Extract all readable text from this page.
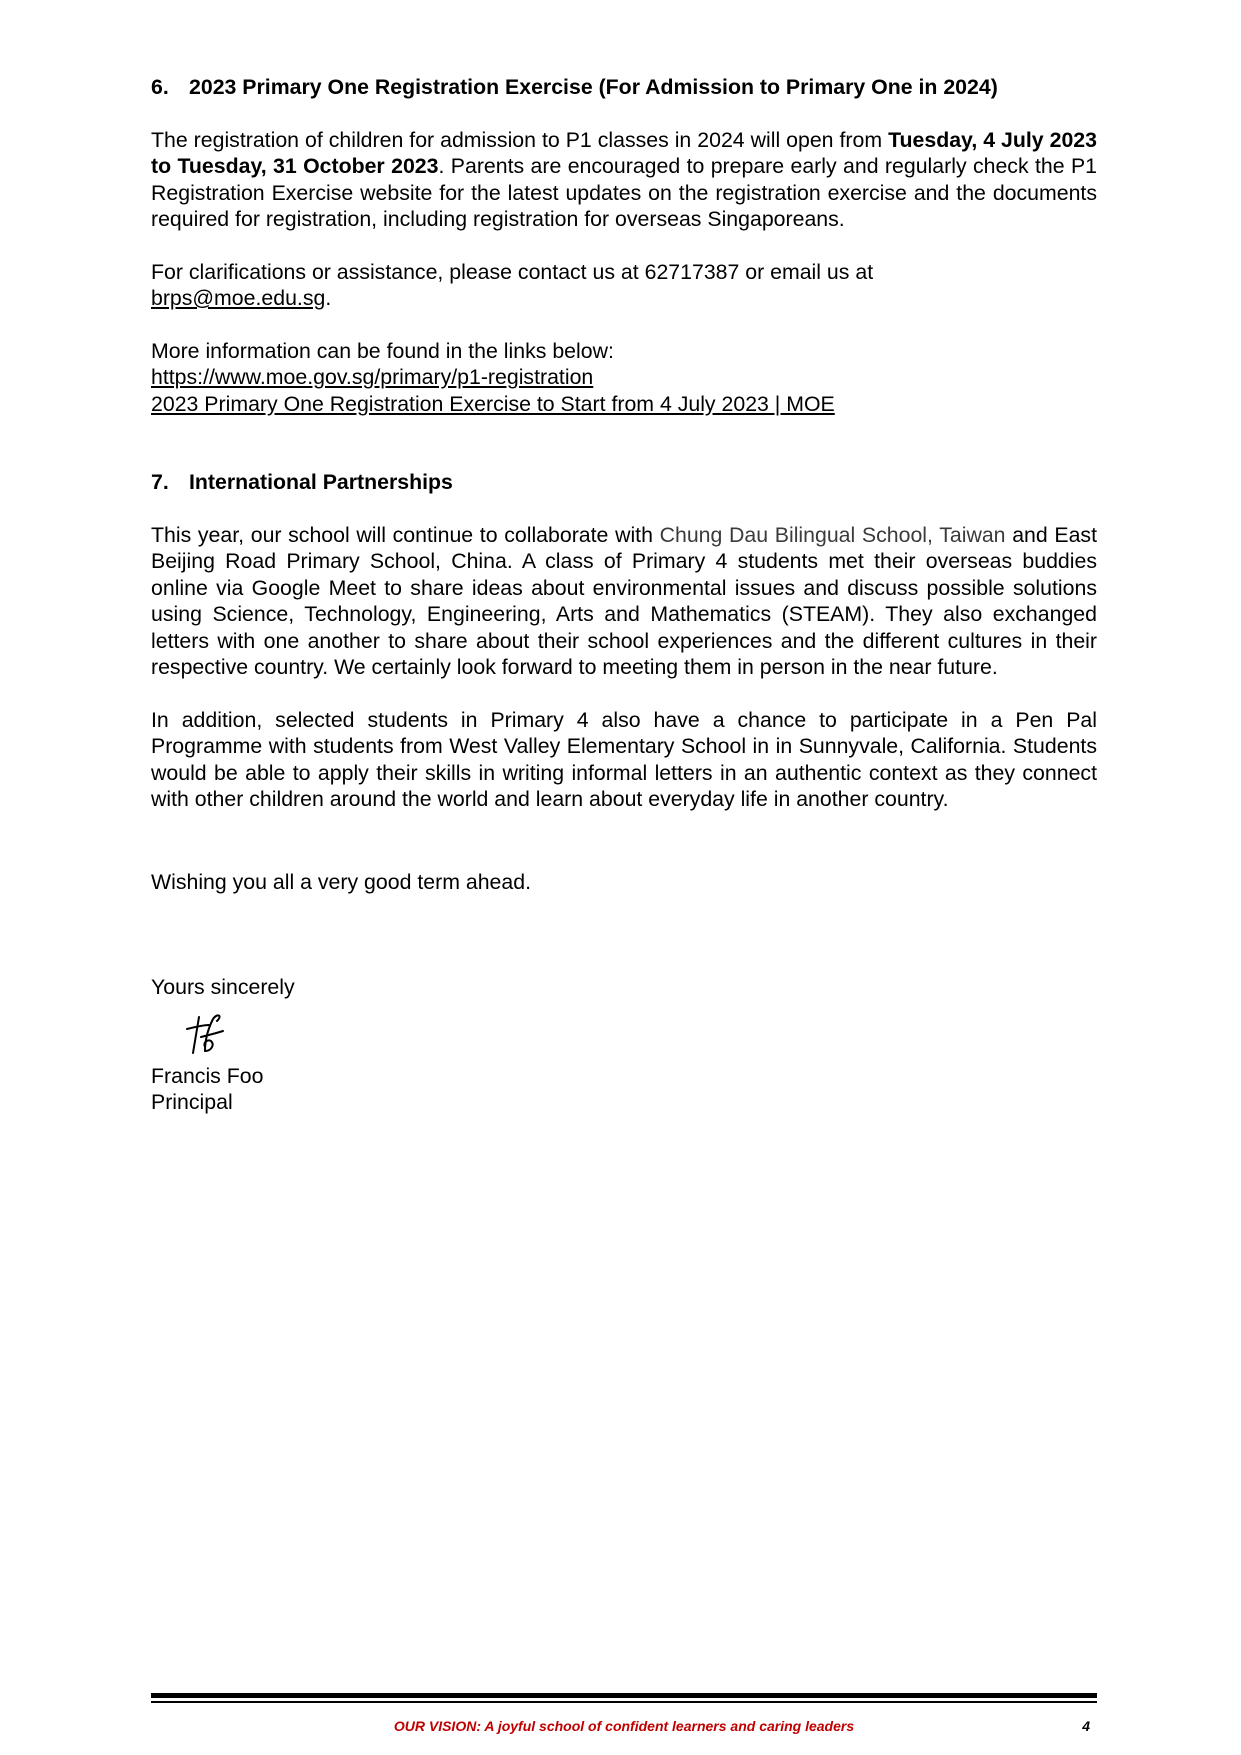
6. 2023 Primary One Registration Exercise (For Admission to Primary One in 2024)

The registration of children for admission to P1 classes in 2024 will open from Tuesday, 4 July 2023 to Tuesday, 31 October 2023. Parents are encouraged to prepare early and regularly check the P1 Registration Exercise website for the latest updates on the registration exercise and the documents required for registration, including registration for overseas Singaporeans.

For clarifications or assistance, please contact us at 62717387 or email us at
brps@moe.edu.sg.

More information can be found in the links below:

https://www.moe.gov.sg/primary/p1-registration
2023 Primary One Registration Exercise to Start from 4 July 2023 | MOE

7. International Partnerships

This year, our school will continue to collaborate with Chung Dau Bilingual School, Taiwan and East Beijing Road Primary School, China. A class of Primary 4 students met their overseas buddies online via Google Meet to share ideas about environmental issues and discuss possible solutions using Science, Technology, Engineering, Arts and Mathematics (STEAM). They also exchanged letters with one another to share about their school experiences and the different cultures in their respective country. We certainly look forward to meeting them in person in the near future.

In addition, selected students in Primary 4 also have a chance to participate in a Pen Pal Programme with students from West Valley Elementary School in in Sunnyvale, California. Students would be able to apply their skills in writing informal letters in an authentic context as they connect with other children around the world and learn about everyday life in another country.

Wishing you all a very good term ahead.

Yours sincerely

Francis Foo

Principal

OUR VISION: A joyful school of confident learners and caring leaders	4
